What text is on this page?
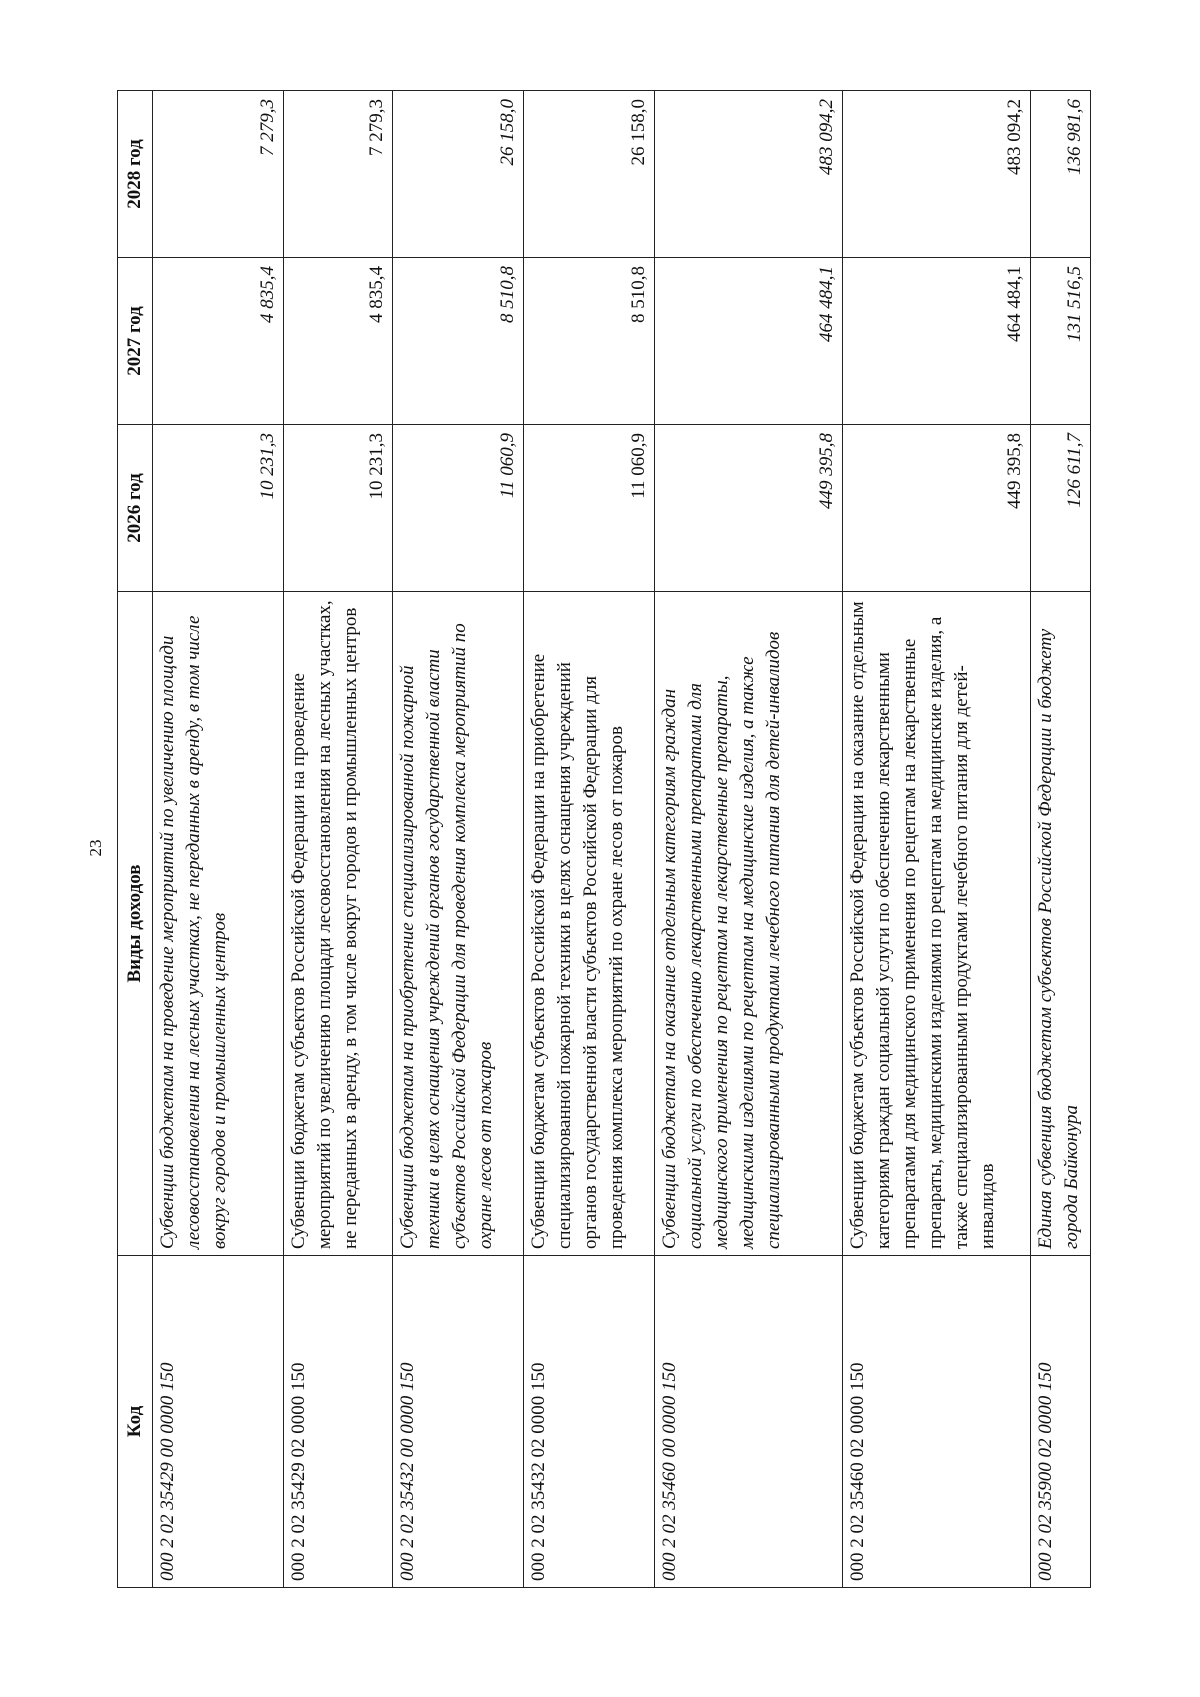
23
Код	Виды доходов	2026 год	2027 год	2028 год
000 2 02 35429 00 0000 150	Субвенции бюджетам на проведение мероприятий по увеличению площади лесовосстановления на лесных участках, не переданных в аренду, в том числе вокруг городов и промышленных центров	10 231,3	4 835,4	7 279,3
000 2 02 35429 02 0000 150	Субвенции бюджетам субъектов Российской Федерации на проведение мероприятий по увеличению площади лесовосстановления на лесных участках, не переданных в аренду, в том числе вокруг городов и промышленных центров	10 231,3	4 835,4	7 279,3
000 2 02 35432 00 0000 150	Субвенции бюджетам на приобретение специализированной пожарной техники в целях оснащения учреждений органов государственной власти субъектов Российской Федерации для проведения комплекса мероприятий по охране лесов от пожаров	11 060,9	8 510,8	26 158,0
000 2 02 35432 02 0000 150	Субвенции бюджетам субъектов Российской Федерации на приобретение специализированной пожарной техники в целях оснащения учреждений органов государственной власти субъектов Российской Федерации для проведения комплекса мероприятий по охране лесов от пожаров	11 060,9	8 510,8	26 158,0
000 2 02 35460 00 0000 150	Субвенции бюджетам на оказание отдельным категориям граждан социальной услуги по обеспечению лекарственными препаратами для медицинского применения по рецептам на лекарственные препараты, медицинскими изделиями по рецептам на медицинские изделия, а также специализированными продуктами лечебного питания для детей-инвалидов	449 395,8	464 484,1	483 094,2
000 2 02 35460 02 0000 150	Субвенции бюджетам субъектов Российской Федерации на оказание отдельным категориям граждан социальной услуги по обеспечению лекарственными препаратами для медицинского применения по рецептам на лекарственные препараты, медицинскими изделиями по рецептам на медицинские изделия, а также специализированными продуктами лечебного питания для детей-инвалидов	449 395,8	464 484,1	483 094,2
000 2 02 35900 02 0000 150	Единая субвенция бюджетам субъектов Российской Федерации и бюджету города Байконура	126 611,7	131 516,5	136 981,6
